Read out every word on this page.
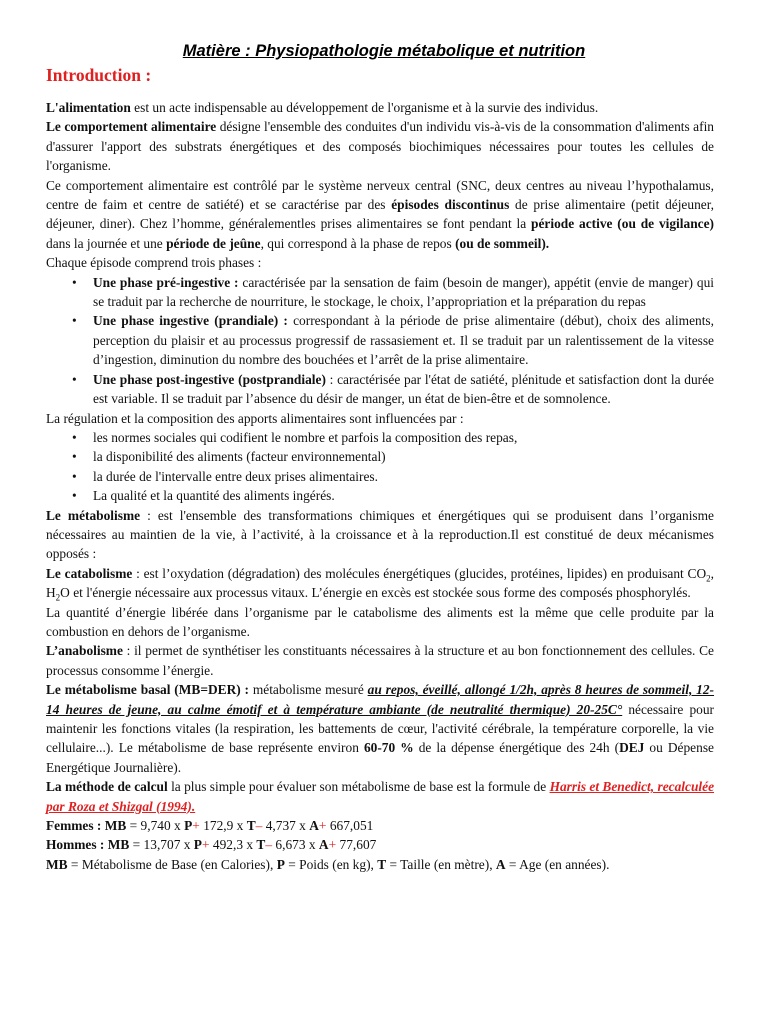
Matière : Physiopathologie métabolique et nutrition
Introduction :

L'alimentation est un acte indispensable au développement de l'organisme et à la survie des individus.

Le comportement alimentaire désigne l'ensemble des conduites d'un individu vis-à-vis de la consommation d'aliments afin d'assurer l'apport des substrats énergétiques et des composés biochimiques nécessaires pour toutes les cellules de l'organisme.

Ce comportement alimentaire est contrôlé par le système nerveux central (SNC, deux centres au niveau l’hypothalamus, centre de faim et centre de satiété) et se caractérise par des épisodes discontinus de prise alimentaire (petit déjeuner, déjeuner, diner). Chez l’homme, généralementles prises alimentaires se font pendant la période active (ou de vigilance) dans la journée et une période de jeûne, qui correspond à la phase de repos (ou de sommeil).

Chaque épisode comprend trois phases :

• Une phase pré-ingestive : caractérisée par la sensation de faim (besoin de manger), appétit (envie de manger) qui se traduit par la recherche de nourriture, le stockage, le choix, l’appropriation et la préparation du repas
• Une phase ingestive (prandiale) : correspondant à la période de prise alimentaire (début), choix des aliments, perception du plaisir et au processus progressif de rassasiement et. Il se traduit par un ralentissement de la vitesse d’ingestion, diminution du nombre des bouchées et l’arrêt de la prise alimentaire.
• Une phase post-ingestive (postprandiale) : caractérisée par l'état de satiété, plénitude et satisfaction dont la durée est variable. Il se traduit par l’absence du désir de manger, un état de bien-être et de somnolence.

La régulation et la composition des apports alimentaires sont influencées par :

• les normes sociales qui codifient le nombre et parfois la composition des repas,
• la disponibilité des aliments (facteur environnemental)
• la durée de l'intervalle entre deux prises alimentaires.
• La qualité et la quantité des aliments ingérés.

Le métabolisme : est l'ensemble des transformations chimiques et énergétiques qui se produisent dans l’organisme nécessaires au maintien de la vie, à l’activité, à la croissance et à la reproduction.Il est constitué de deux mécanismes opposés :

Le catabolisme : est l’oxydation (dégradation) des molécules énergétiques (glucides, protéines, lipides) en produisant $CO_2$, $H_2O$ et l'énergie nécessaire aux processus vitaux. L’énergie en excès est stockée sous forme des composés phosphorylés.

La quantité d’énergie libérée dans l’organisme par le catabolisme des aliments est la même que celle produite par la combustion en dehors de l’organisme.

L’anabolisme : il permet de synthétiser les constituants nécessaires à la structure et au bon fonctionnement des cellules. Ce processus consomme l’énergie.

Le métabolisme basal (MB=DER) : métabolisme mesuré au repos, éveillé, allongé 1/2h, après 8 heures de sommeil, 12-14 heures de jeune, au calme émotif et à température ambiante (de neutralité thermique) 20-25C° nécessaire pour maintenir les fonctions vitales (la respiration, les battements de cœur, l'activité cérébrale, la température corporelle, la vie cellulaire...). Le métabolisme de base représente environ 60-70 % de la dépense énergétique des 24h (DEJ ou Dépense Energétique Journalière).

La méthode de calcul la plus simple pour évaluer son métabolisme de base est la formule de Harris et Benedict, recalculée par Roza et Shizgal (1994).

Femmes : MB = 9,740 x P+ 172,9 x T– 4,737 x A+ 667,051

Hommes : MB = 13,707 x P+ 492,3 x T– 6,673 x A+ 77,607

MB = Métabolisme de Base (en Calories), P = Poids (en kg), T = Taille (en mètre), A = Age (en années).
